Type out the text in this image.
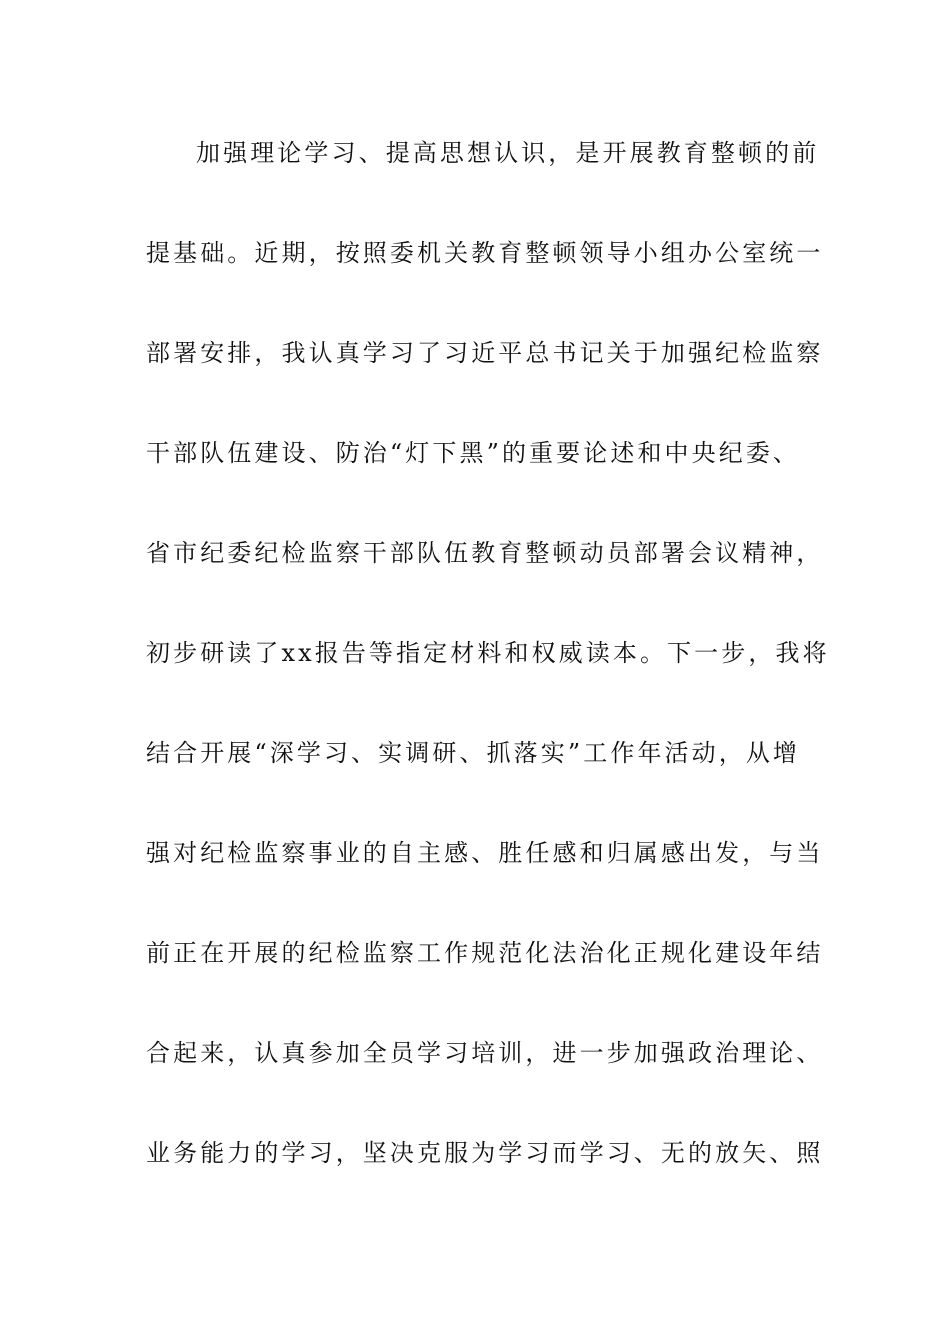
加强理论学习、提高思想认识，是开展教育整顿的前
提基础。近期，按照委机关教育整顿领导小组办公室统一
部署安排，我认真学习了习近平总书记关于加强纪检监察
干部队伍建设、防治“灯下黑”的重要论述和中央纪委、
省市纪委纪检监察干部队伍教育整顿动员部署会议精神，
初步研读了xx报告等指定材料和权威读本。下一步，我将
结合开展“深学习、实调研、抓落实”工作年活动，从增
强对纪检监察事业的自主感、胜任感和归属感出发，与当
前正在开展的纪检监察工作规范化法治化正规化建设年结
合起来，认真参加全员学习培训，进一步加强政治理论、
业务能力的学习，坚决克服为学习而学习、无的放矢、照
